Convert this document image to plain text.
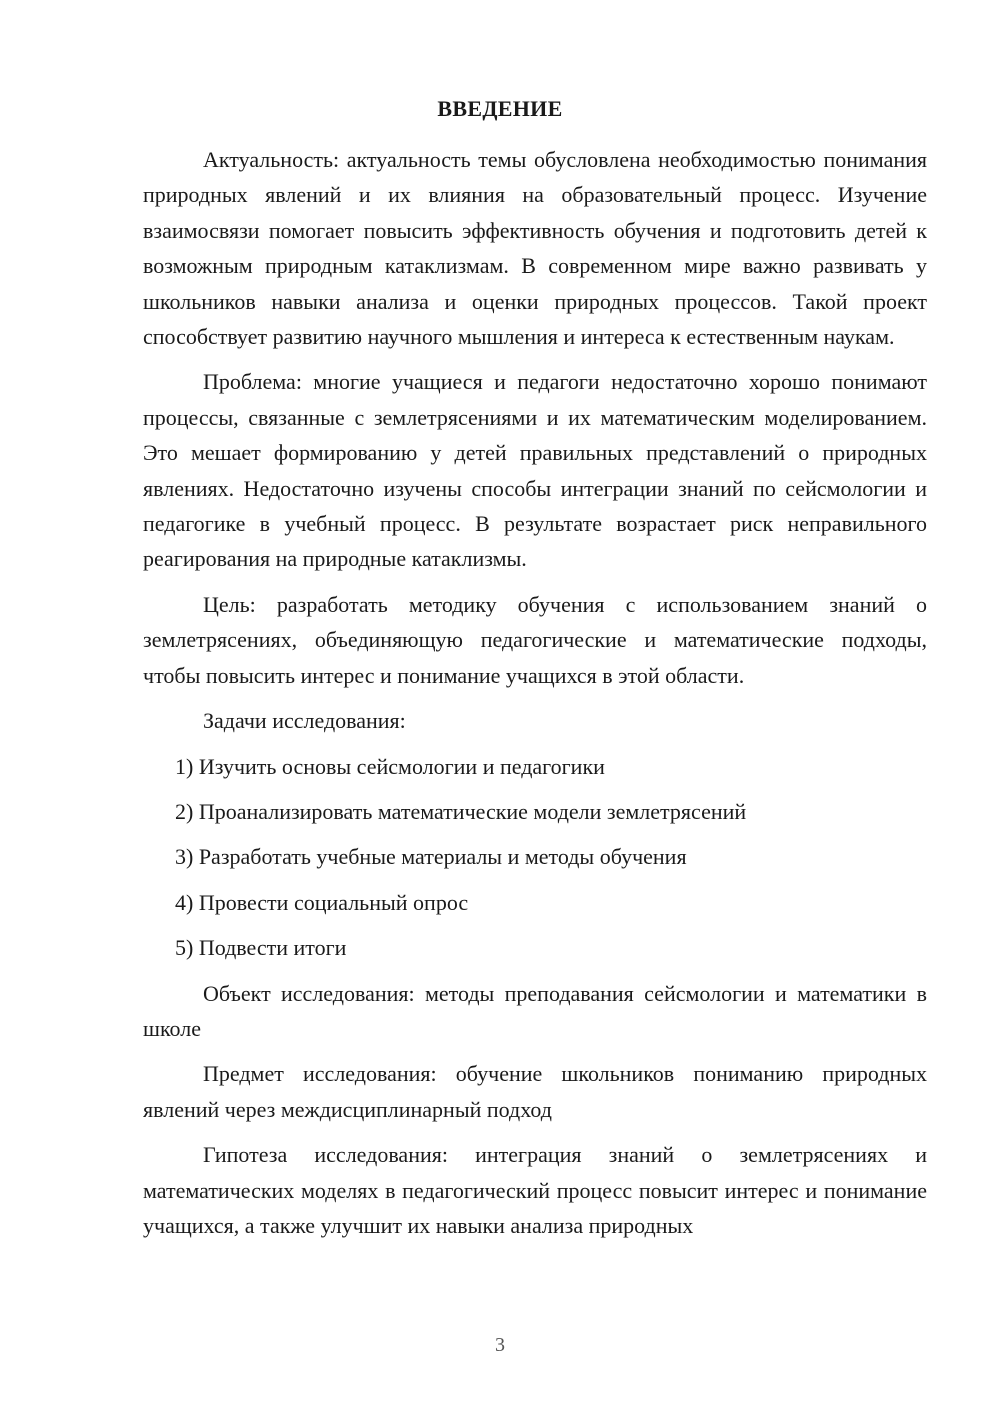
ВВЕДЕНИЕ

Актуальность: актуальность темы обусловлена необходимостью понимания природных явлений и их влияния на образовательный процесс. Изучение взаимосвязи помогает повысить эффективность обучения и подготовить детей к возможным природным катаклизмам. В современном мире важно развивать у школьников навыки анализа и оценки природных процессов. Такой проект способствует развитию научного мышления и интереса к естественным наукам.

Проблема: многие учащиеся и педагоги недостаточно хорошо понимают процессы, связанные с землетрясениями и их математическим моделированием. Это мешает формированию у детей правильных представлений о природных явлениях. Недостаточно изучены способы интеграции знаний по сейсмологии и педагогике в учебный процесс. В результате возрастает риск неправильного реагирования на природные катаклизмы.

Цель: разработать методику обучения с использованием знаний о землетрясениях, объединяющую педагогические и математические подходы, чтобы повысить интерес и понимание учащихся в этой области.

Задачи исследования:

1) Изучить основы сейсмологии и педагогики
2) Проанализировать математические модели землетрясений
3) Разработать учебные материалы и методы обучения
4) Провести социальный опрос
5) Подвести итоги

Объект исследования: методы преподавания сейсмологии и математики в школе

Предмет исследования: обучение школьников пониманию природных явлений через междисциплинарный подход

Гипотеза исследования: интеграция знаний о землетрясениях и математических моделях в педагогический процесс повысит интерес и понимание учащихся, а также улучшит их навыки анализа природных

3
